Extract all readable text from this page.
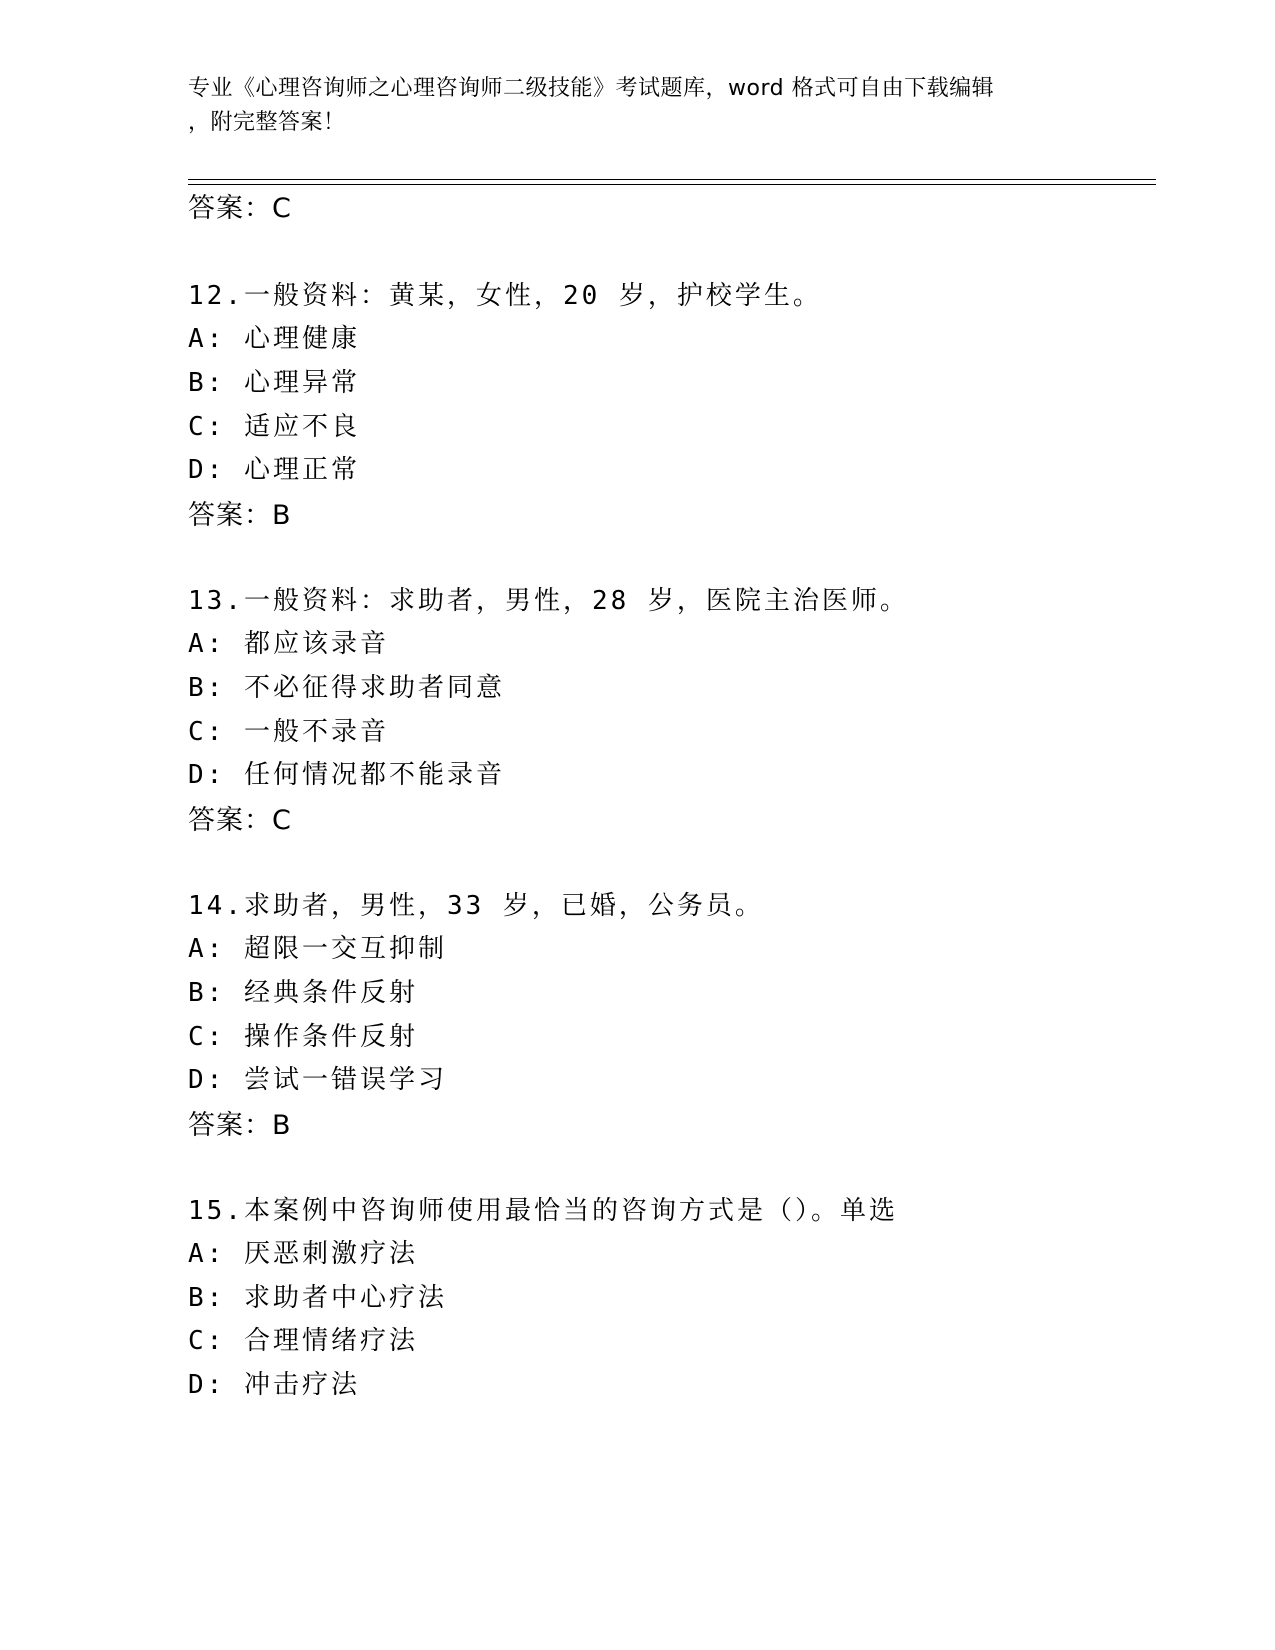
专业《心理咨询师之心理咨询师二级技能》考试题库，word 格式可自由下载编辑
，附完整答案！
答案：C
12.一般资料：黄某，女性，20 岁，护校学生。
A: 心理健康
B: 心理异常
C: 适应不良
D: 心理正常
答案：B
13.一般资料：求助者，男性，28 岁，医院主治医师。
A: 都应该录音
B: 不必征得求助者同意
C: 一般不录音
D: 任何情况都不能录音
答案：C
14.求助者，男性，33 岁，已婚，公务员。
A: 超限一交互抑制
B: 经典条件反射
C: 操作条件反射
D: 尝试一错误学习
答案：B
15.本案例中咨询师使用最恰当的咨询方式是（）。单选
A: 厌恶刺激疗法
B: 求助者中心疗法
C: 合理情绪疗法
D: 冲击疗法
